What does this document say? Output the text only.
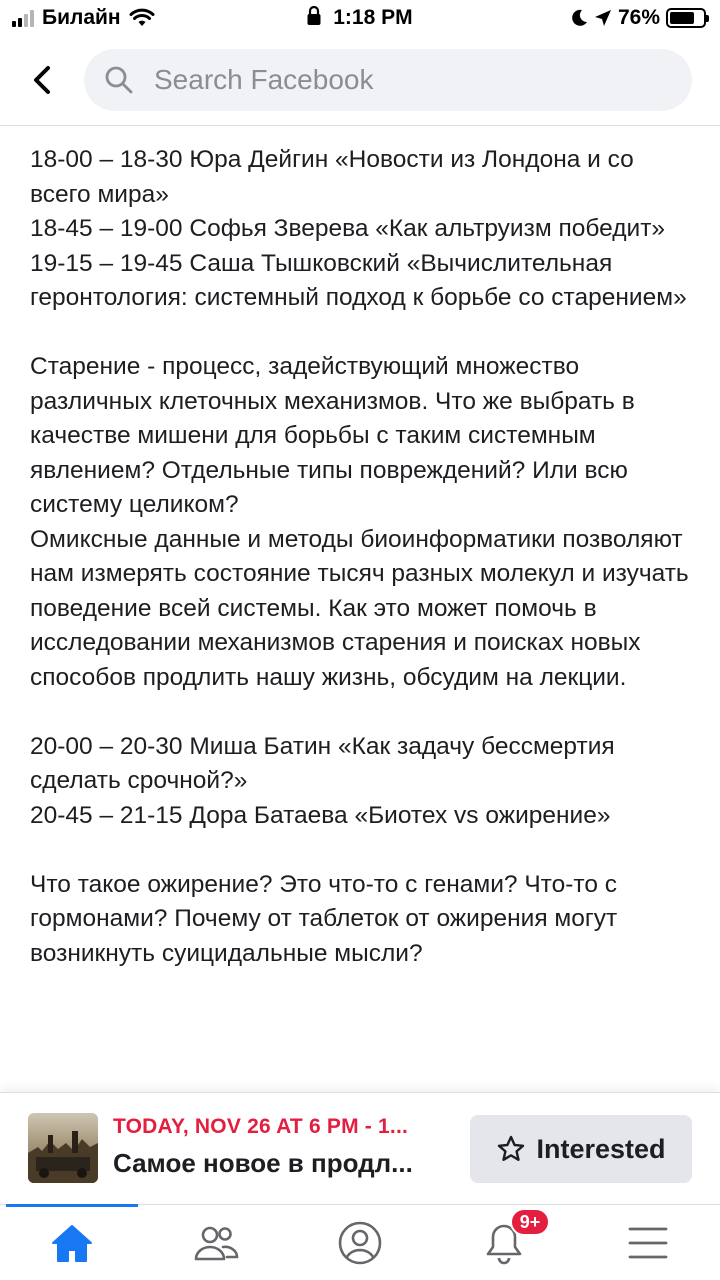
Билайн	1:18 PM	76%
Search Facebook

18-00 – 18-30 Юра Дейгин «Новости из Лондона и со всего мира»

18-45 – 19-00 Софья Зверева «Как альтруизм победит»

19-15 – 19-45 Саша Тышковский «Вычислительная геронтология: системный подход к борьбе со старением»

Старение - процесс, задействующий множество различных клеточных механизмов. Что же выбрать в качестве мишени для борьбы с таким системным явлением? Отдельные типы повреждений? Или всю систему целиком?

Омиксные данные и методы биоинформатики позволяют нам измерять состояние тысяч разных молекул и изучать поведение всей системы. Как это может помочь в исследовании механизмов старения и поисках новых способов продлить нашу жизнь, обсудим на лекции.

20-00 – 20-30 Миша Батин «Как задачу бессмертия сделать срочной?»

20-45 – 21-15 Дора Батаева «Биотех vs ожирение»

Что такое ожирение? Это что-то с генами? Что-то с гормонами? Почему от таблеток от ожирения могут возникнуть суицидальные мысли?

TODAY, NOV 26 AT 6 PM - 1...
Самое новое в продл...	Interested
9+
